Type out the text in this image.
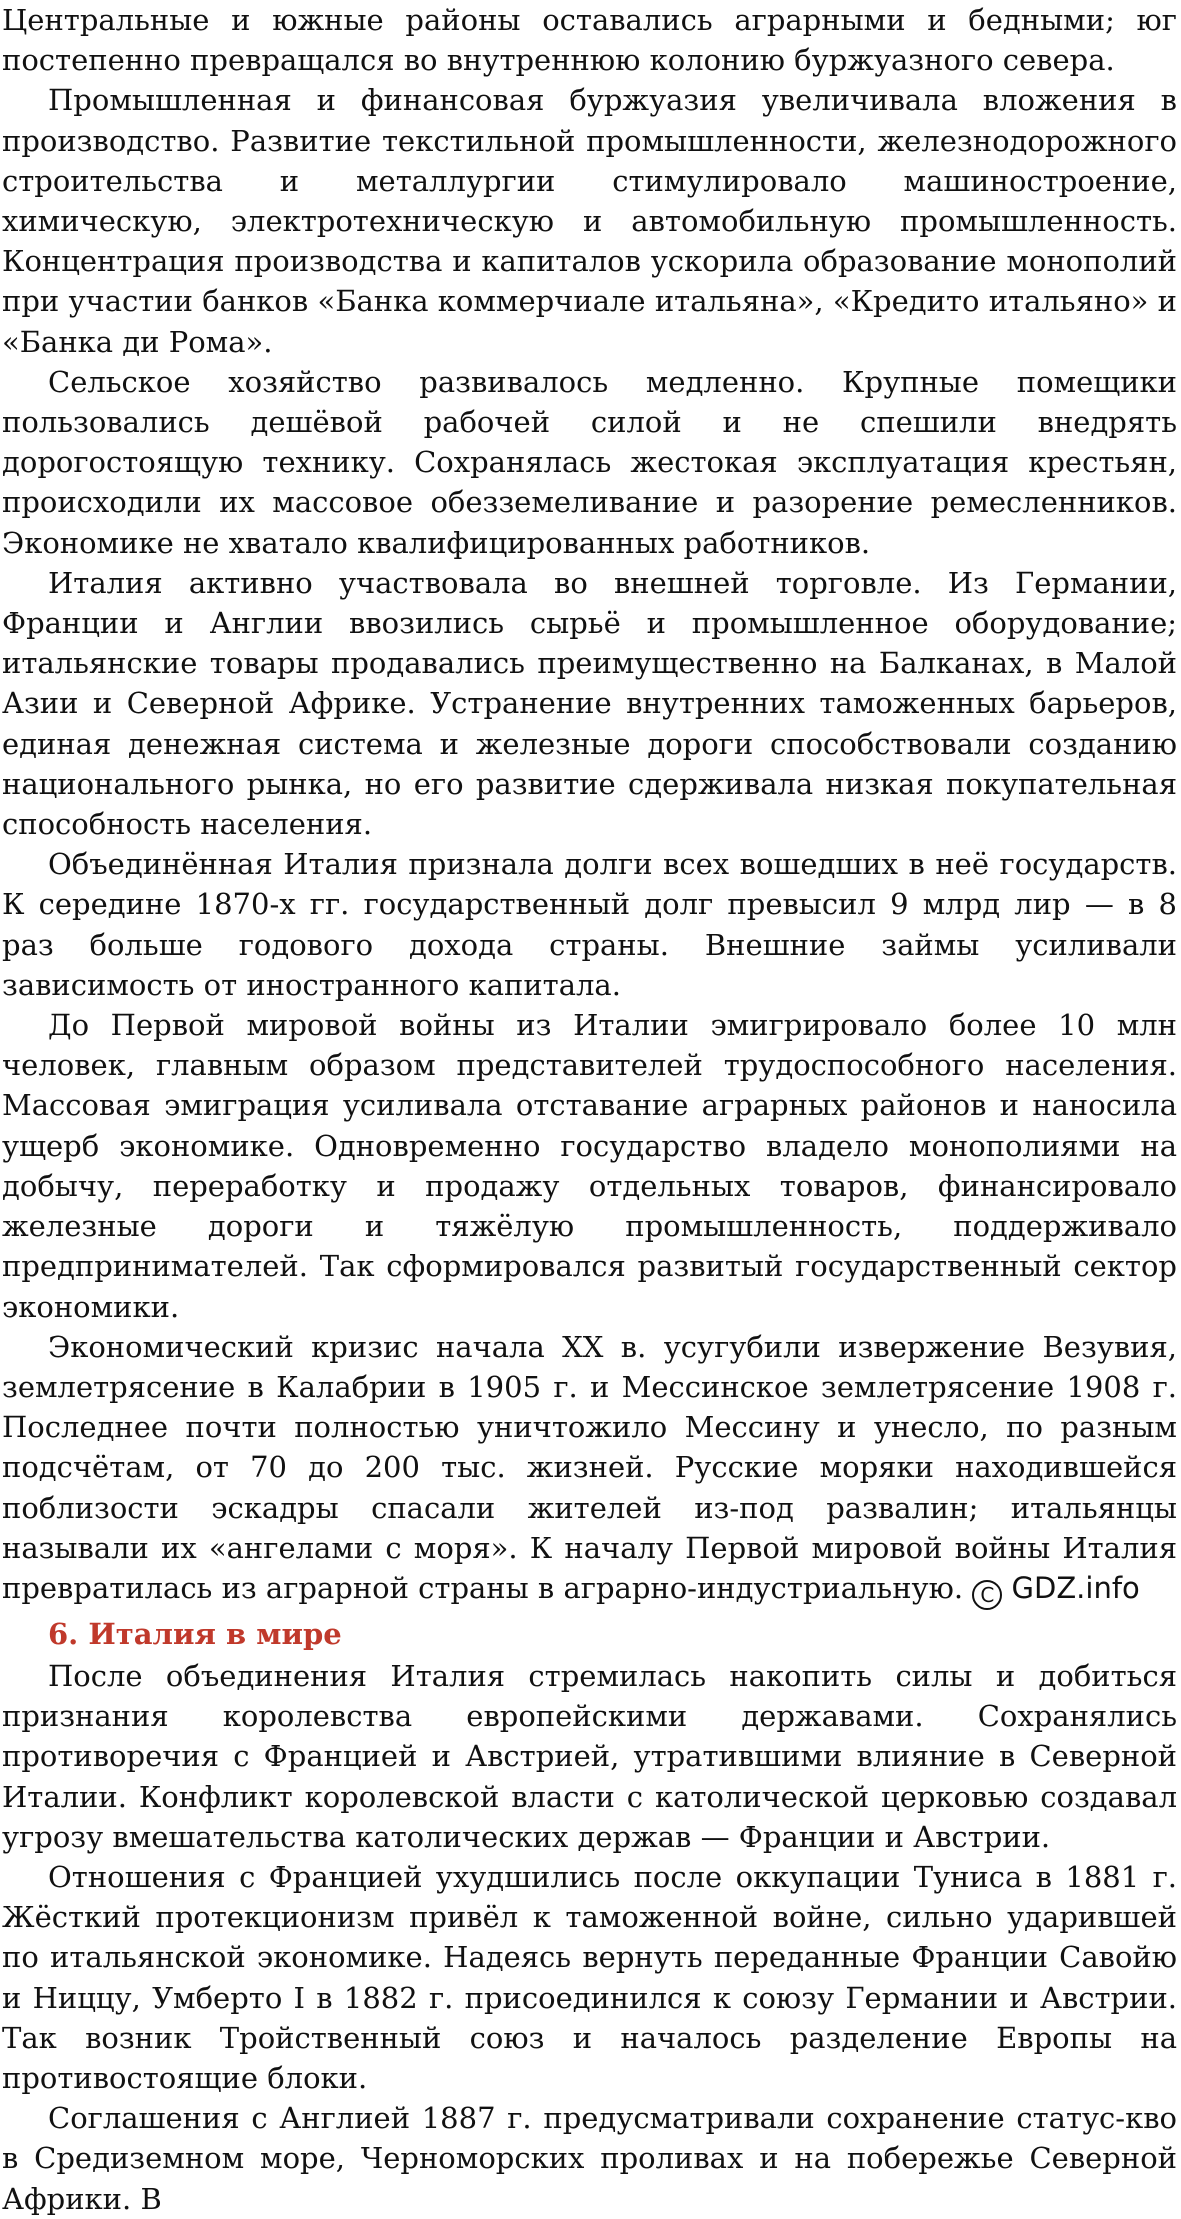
Центральные и южные районы оставались аграрными и бедными; юг постепенно превращался во внутреннюю колонию буржуазного севера.

Промышленная и финансовая буржуазия увеличивала вложения в производство. Развитие текстильной промышленности, железнодорожного строительства и металлургии стимулировало машиностроение, химическую, электротехническую и автомобильную промышленность. Концентрация производства и капиталов ускорила образование монополий при участии банков «Банка коммерчиале итальяна», «Кредито итальяно» и «Банка ди Рома».

Сельское хозяйство развивалось медленно. Крупные помещики пользовались дешёвой рабочей силой и не спешили внедрять дорогостоящую технику. Сохранялась жестокая эксплуатация крестьян, происходили их массовое обезземеливание и разорение ремесленников. Экономике не хватало квалифицированных работников.

Италия активно участвовала во внешней торговле. Из Германии, Франции и Англии ввозились сырьё и промышленное оборудование; итальянские товары продавались преимущественно на Балканах, в Малой Азии и Северной Африке. Устранение внутренних таможенных барьеров, единая денежная система и железные дороги способствовали созданию национального рынка, но его развитие сдерживала низкая покупательная способность населения.

Объединённая Италия признала долги всех вошедших в неё государств. К середине 1870-х гг. государственный долг превысил 9 млрд лир — в 8 раз больше годового дохода страны. Внешние займы усиливали зависимость от иностранного капитала.

До Первой мировой войны из Италии эмигрировало более 10 млн человек, главным образом представителей трудоспособного населения. Массовая эмиграция усиливала отставание аграрных районов и наносила ущерб экономике. Одновременно государство владело монополиями на добычу, переработку и продажу отдельных товаров, финансировало железные дороги и тяжёлую промышленность, поддерживало предпринимателей. Так сформировался развитый государственный сектор экономики.

Экономический кризис начала XX в. усугубили извержение Везувия, землетрясение в Калабрии в 1905 г. и Мессинское землетрясение 1908 г. Последнее почти полностью уничтожило Мессину и унесло, по разным подсчётам, от 70 до 200 тыс. жизней. Русские моряки находившейся поблизости эскадры спасали жителей из-под развалин; итальянцы называли их «ангелами с моря». К началу Первой мировой войны Италия превратилась из аграрной страны в аграрно-индустриальную. C GDZ.info

6. Италия в мире

После объединения Италия стремилась накопить силы и добиться признания королевства европейскими державами. Сохранялись противоречия с Францией и Австрией, утратившими влияние в Северной Италии. Конфликт королевской власти с католической церковью создавал угрозу вмешательства католических держав — Франции и Австрии.

Отношения с Францией ухудшились после оккупации Туниса в 1881 г. Жёсткий протекционизм привёл к таможенной войне, сильно ударившей по итальянской экономике. Надеясь вернуть переданные Франции Савойю и Ниццу, Умберто I в 1882 г. присоединился к союзу Германии и Австрии. Так возник Тройственный союз и началось разделение Европы на противостоящие блоки.

Соглашения с Англией 1887 г. предусматривали сохранение статус-кво в Средиземном море, Черноморских проливах и на побережье Северной Африки. В
